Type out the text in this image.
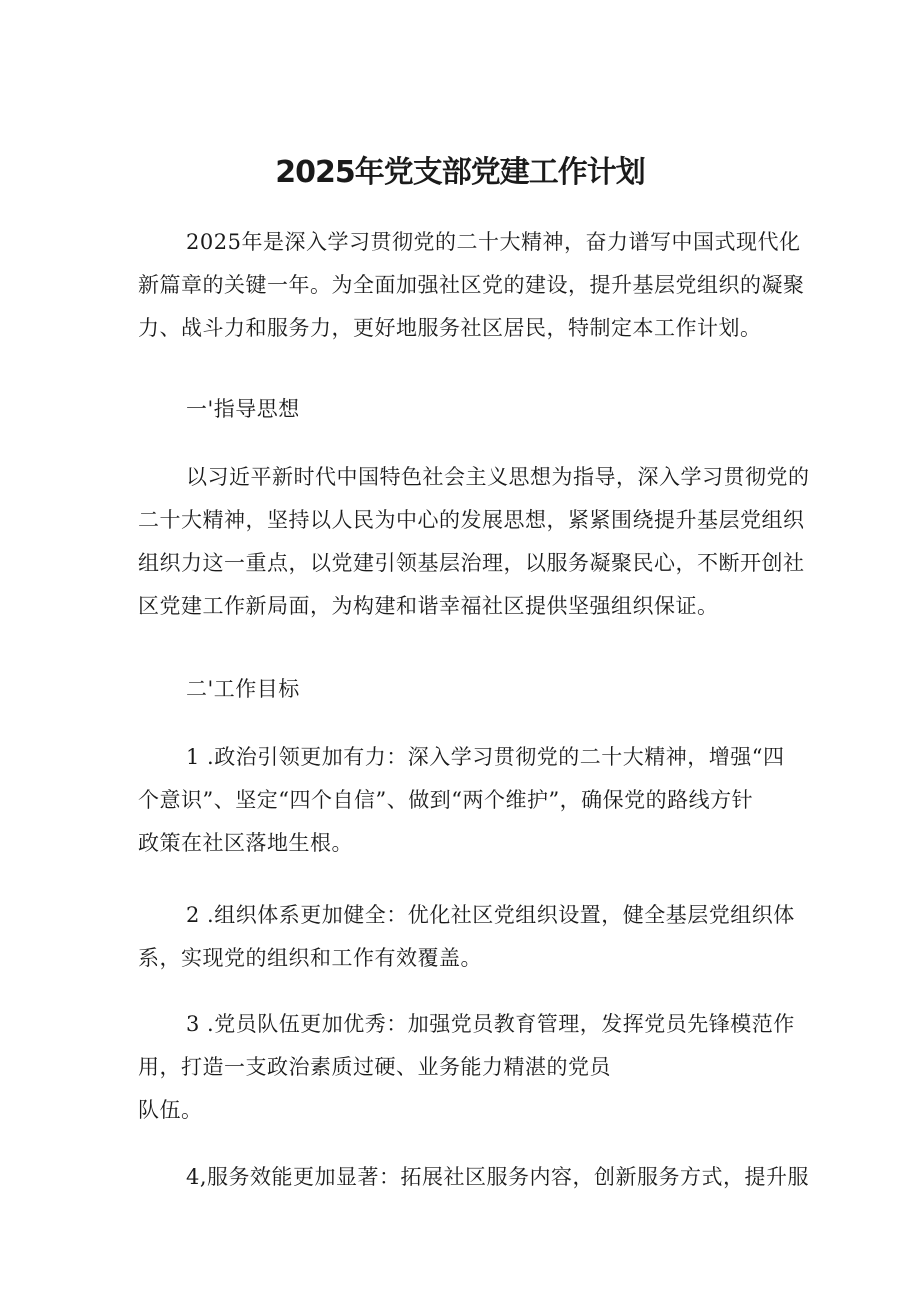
2025年党支部党建工作计划

2025年是深入学习贯彻党的二十大精神，奋力谱写中国式现代化
新篇章的关键一年。为全面加强社区党的建设，提升基层党组织的凝聚
力、战斗力和服务力，更好地服务社区居民，特制定本工作计划。

一'指导思想

以习近平新时代中国特色社会主义思想为指导，深入学习贯彻党的
二十大精神，坚持以人民为中心的发展思想，紧紧围绕提升基层党组织
组织力这一重点，以党建引领基层治理，以服务凝聚民心，不断开创社
区党建工作新局面，为构建和谐幸福社区提供坚强组织保证。

二'工作目标

1 .政治引领更加有力：深入学习贯彻党的二十大精神，增强“四
个意识”、坚定“四个自信”、做到“两个维护”，确保党的路线方针
政策在社区落地生根。

2 .组织体系更加健全：优化社区党组织设置，健全基层党组织体
系，实现党的组织和工作有效覆盖。

3 .党员队伍更加优秀：加强党员教育管理，发挥党员先锋模范作
用，打造一支政治素质过硬、业务能力精湛的党员
队伍。

4,服务效能更加显著：拓展社区服务内容，创新服务方式，提升服
